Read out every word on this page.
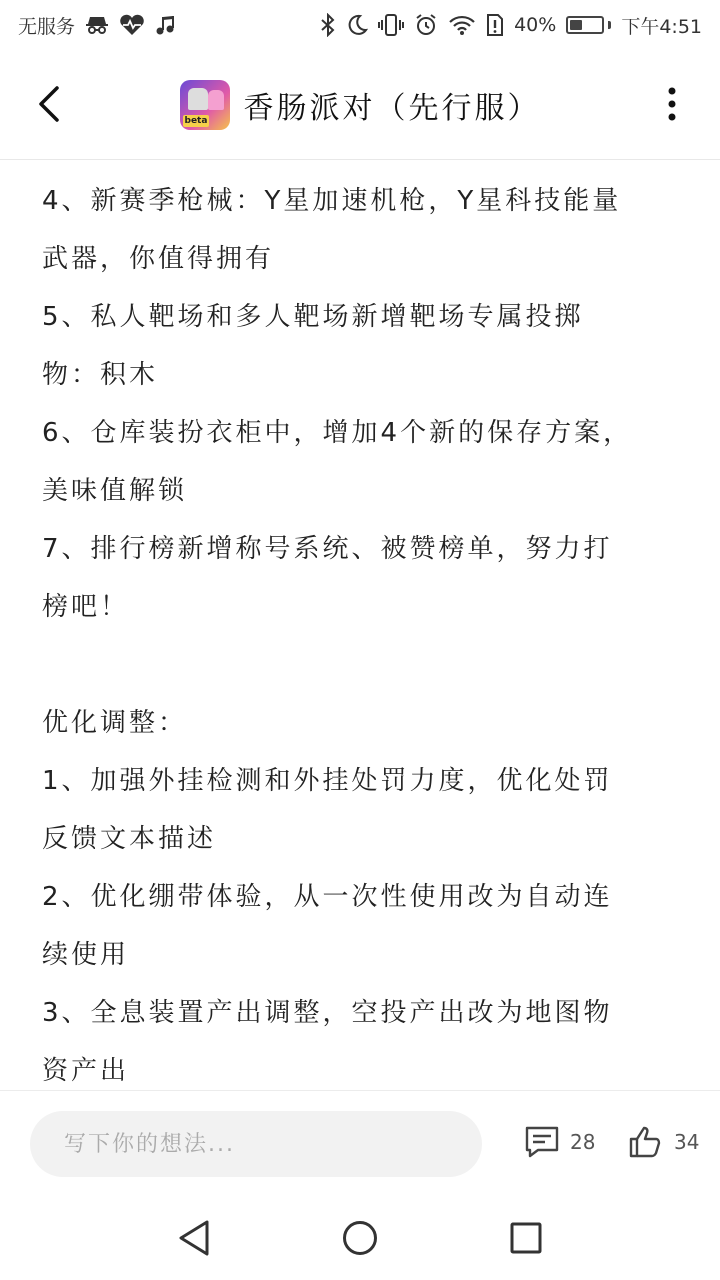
无服务	40%	下午4:51
beta 香肠派对（先行服）

4、新赛季枪械：Y星加速机枪，Y星科技能量

武器，你值得拥有

5、私人靶场和多人靶场新增靶场专属投掷

物：积木

6、仓库装扮衣柜中，增加4个新的保存方案，

美味值解锁

7、排行榜新增称号系统、被赞榜单，努力打

榜吧！

优化调整：

1、加强外挂检测和外挂处罚力度，优化处罚

反馈文本描述

2、优化绷带体验，从一次性使用改为自动连

续使用

3、全息装置产出调整，空投产出改为地图物

资产出

写下你的想法...
28	34
